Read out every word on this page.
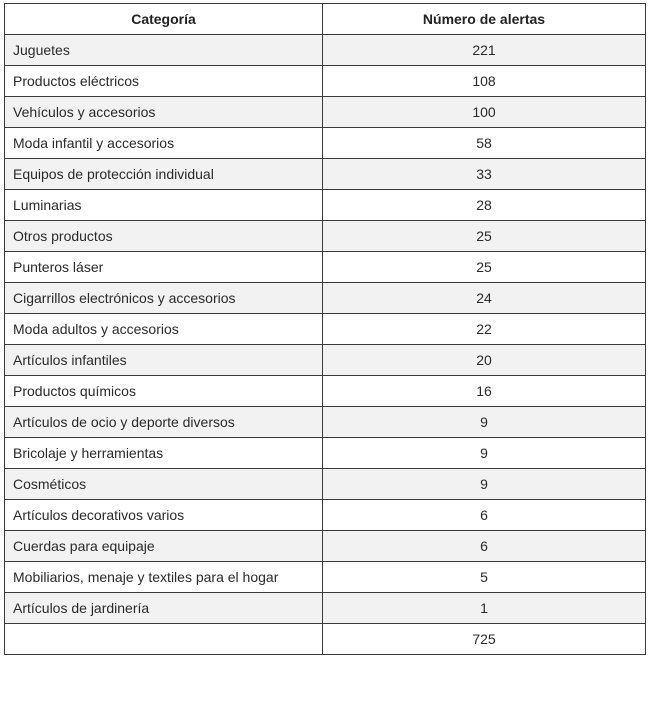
Categoría	Número de alertas
Juguetes	221
Productos eléctricos	108
Vehículos y accesorios	100
Moda infantil y accesorios	58
Equipos de protección individual	33
Luminarias	28
Otros productos	25
Punteros láser	25
Cigarrillos electrónicos y accesorios	24
Moda adultos y accesorios	22
Artículos infantiles	20
Productos químicos	16
Artículos de ocio y deporte diversos	9
Bricolaje y herramientas	9
Cosméticos	9
Artículos decorativos varios	6
Cuerdas para equipaje	6
Mobiliarios, menaje y textiles para el hogar	5
Artículos de jardinería	1
	725
